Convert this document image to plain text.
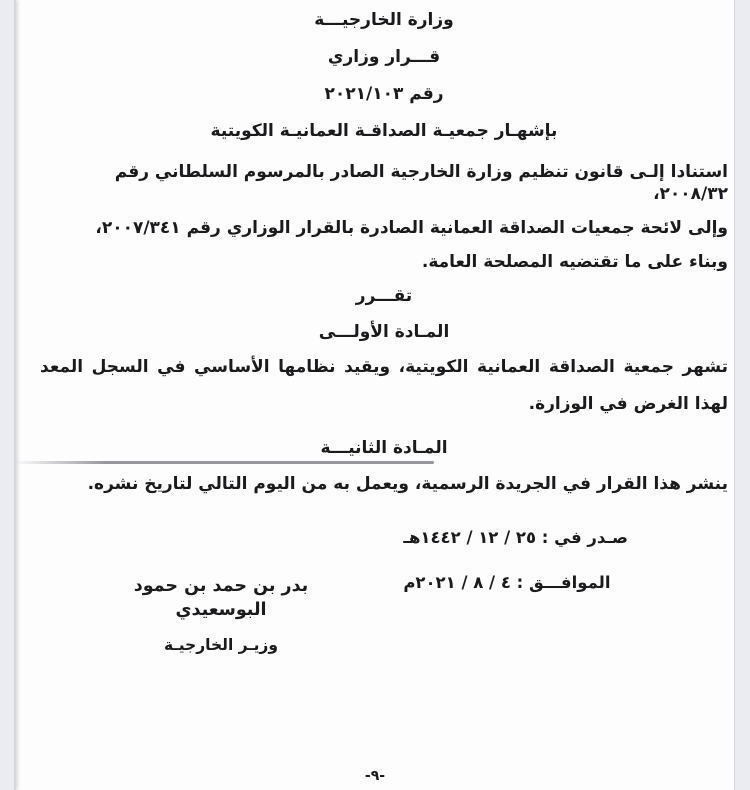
وزارة الخارجيـــة

قـــرار وزاري

رقم ٢٠٢١/١٠٣

بإشهـار جمعيـة الصداقـة العمانيـة الكويتية

استنادا إلـى قانون تنظيم وزارة الخارجية الصادر بالمرسوم السلطاني رقم ٢٠٠٨/٣٢،

وإلى لائحة جمعيات الصداقة العمانية الصادرة بالقرار الوزاري رقم ٢٠٠٧/٣٤١،

وبناء على ما تقتضيه المصلحة العامة.

تقـــرر

المـادة الأولـــى

تشهر جمعية الصداقة العمانية الكويتية، ويقيد نظامها الأساسي في السجل المعد لهذا الغرض في الوزارة.

المـادة الثانيـــة

ينشر هذا القرار في الجريدة الرسمية، ويعمل به من اليوم التالي لتاريخ نشره.

صـدر في : ٢٥ / ١٢ / ١٤٤٢هـ

الموافـــق : ٤ / ٨ / ٢٠٢١م

بدر بن حمد بن حمود البوسعيدي

وزيـر الخارجيـة

-٩-
